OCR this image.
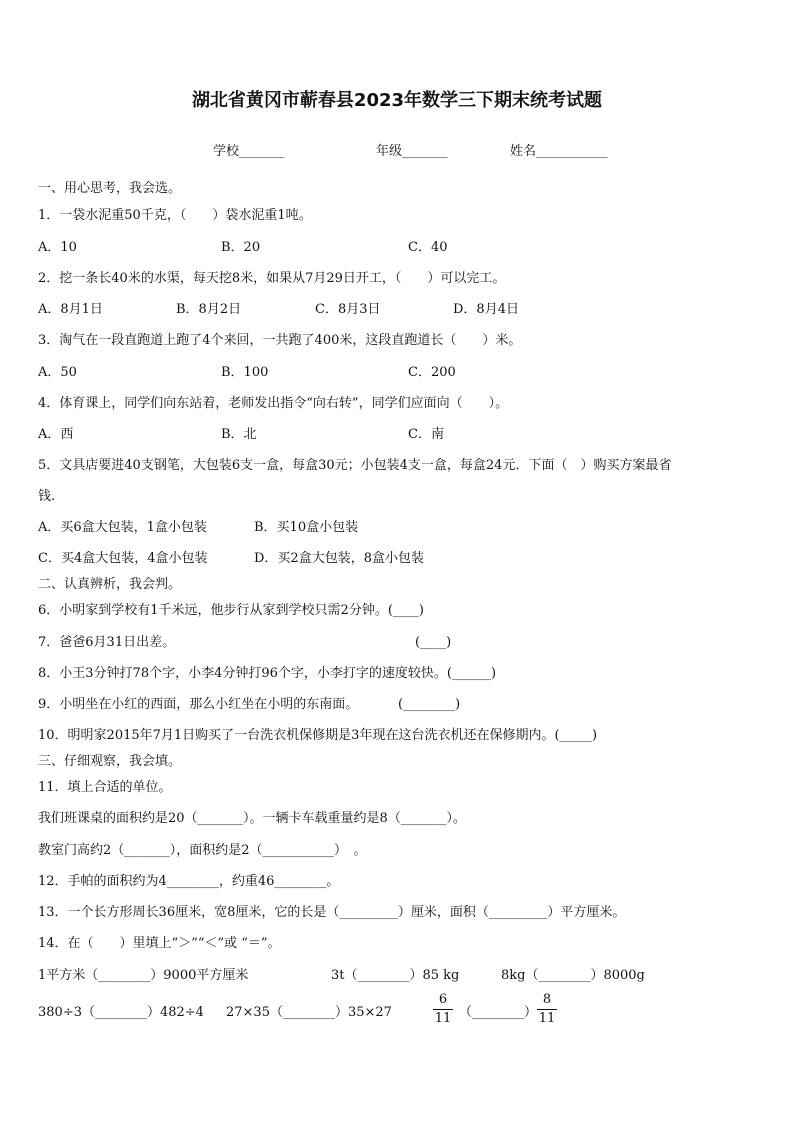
湖北省黄冈市蕲春县2023年数学三下期末统考试题
学校_______	年级_______	姓名___________
一、用心思考，我会选。
1．一袋水泥重50千克，（　　）袋水泥重1吨。
A．10	B．20	C．40
2．挖一条长40米的水渠，每天挖8米，如果从7月29日开工，（　　）可以完工。
A．8月1日	B．8月2日	C．8月3日	D．8月4日
3．淘气在一段直跑道上跑了4个来回，一共跑了400米，这段直跑道长（　　）米。
A．50	B．100	C．200
4．体育课上，同学们向东站着，老师发出指令“向右转”，同学们应面向（　　）。
A．西	B．北	C．南
5．文具店要进40支钢笔，大包装6支一盒，每盒30元；小包装4支一盒，每盒24元．下面（　）购买方案最省
钱.
A．买6盒大包装，1盒小包装	B．买10盒小包装
C．买4盒大包装，4盒小包装	D．买2盒大包装，8盒小包装
二、认真辨析，我会判。
6．小明家到学校有1千米远，他步行从家到学校只需2分钟。(____)
7．爸爸6月31日出差。	(____)
8．小王3分钟打78个字，小李4分钟打96个字，小李打字的速度较快。(______)
9．小明坐在小红的西面，那么小红坐在小明的东南面。	(________)
10．明明家2015年7月1日购买了一台洗衣机保修期是3年现在这台洗衣机还在保修期内。(_____)
三、仔细观察，我会填。
11．填上合适的单位。
我们班课桌的面积约是20（_______）。一辆卡车载重量约是8（_______）。
教室门高约2（_______），面积约是2（___________）　。
12．手帕的面积约为4________，约重46________。
13．一个长方形周长36厘米，宽8厘米，它的长是（_________）厘米，面积（_________）平方厘米。
14．在（　　）里填上“＞”“＜”或 “＝”。
1平方米（________）9000平方厘米	3t（________）85 kg	8kg（________）8000g
380÷3（________）482÷4 27×35（________）35×27
6
11 （________）
8
11
